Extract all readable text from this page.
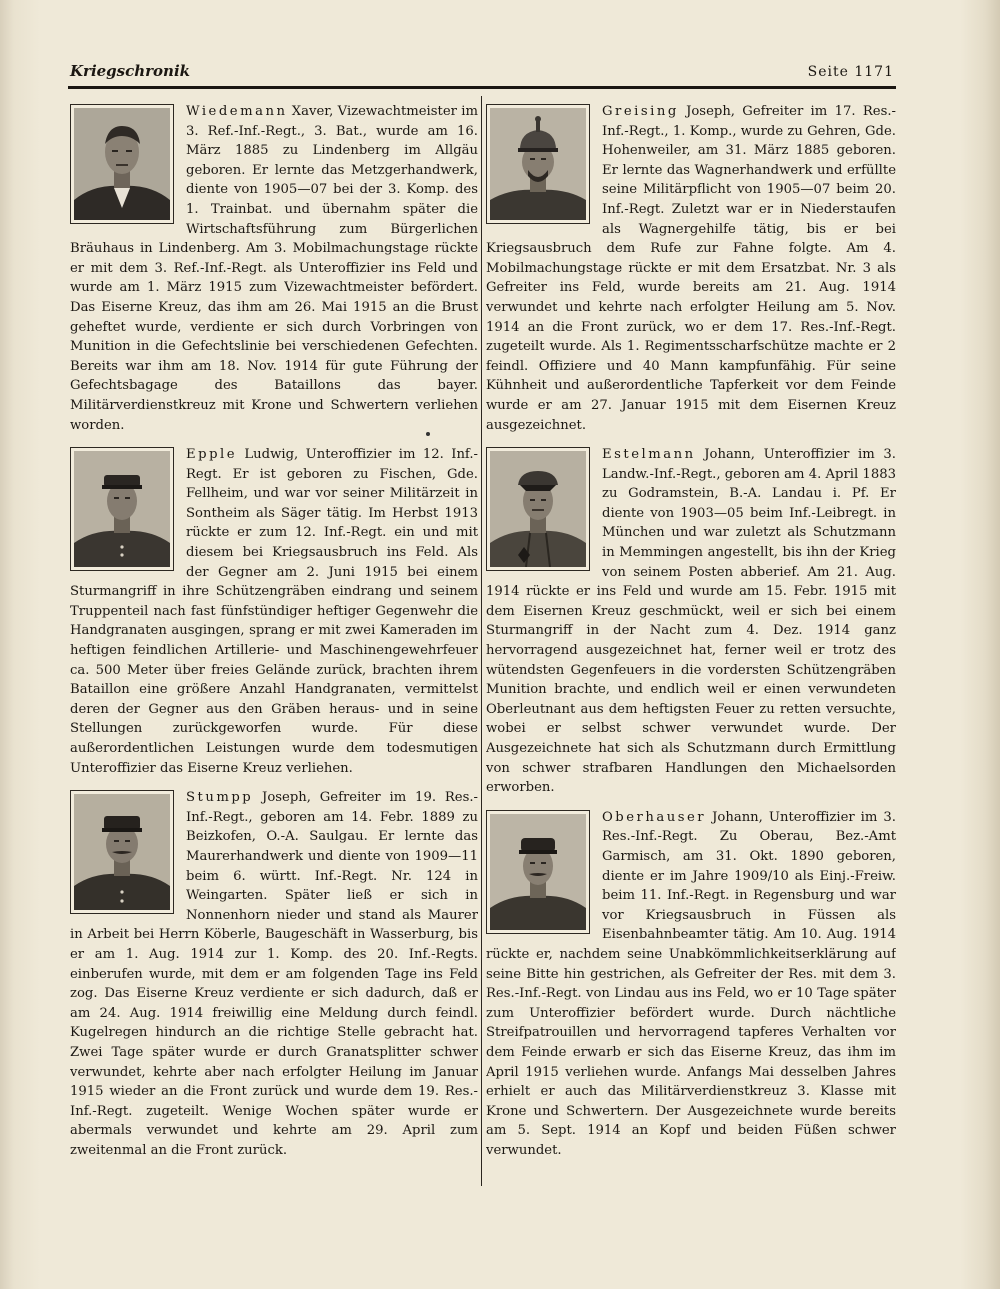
Kriegschronik	Seite 1171
Wiedemann Xaver, Vizewachtmeister im 3. Ref.-Inf.-Regt., 3. Bat., wurde am 16. März 1885 zu Lindenberg im Allgäu geboren. Er lernte das Metzgerhandwerk, diente von 1905—07 bei der 3. Komp. des 1. Trainbat. und übernahm später die Wirtschaftsführung zum Bürgerlichen Bräuhaus in Lindenberg. Am 3. Mobilmachungstage rückte er mit dem 3. Ref.-Inf.-Regt. als Unteroffizier ins Feld und wurde am 1. März 1915 zum Vizewachtmeister befördert. Das Eiserne Kreuz, das ihm am 26. Mai 1915 an die Brust geheftet wurde, verdiente er sich durch Vorbringen von Munition in die Gefechtslinie bei verschiedenen Gefechten. Bereits war ihm am 18. Nov. 1914 für gute Führung der Gefechtsbagage des Bataillons das bayer. Militärverdienstkreuz mit Krone und Schwertern verliehen worden.
Epple Ludwig, Unteroffizier im 12. Inf.-Regt. Er ist geboren zu Fischen, Gde. Fellheim, und war vor seiner Militärzeit in Sontheim als Säger tätig. Im Herbst 1913 rückte er zum 12. Inf.-Regt. ein und mit diesem bei Kriegsausbruch ins Feld. Als der Gegner am 2. Juni 1915 bei einem Sturmangriff in ihre Schützengräben eindrang und seinem Truppenteil nach fast fünfstündiger heftiger Gegenwehr die Handgranaten ausgingen, sprang er mit zwei Kameraden im heftigen feindlichen Artillerie- und Maschinengewehrfeuer ca. 500 Meter über freies Gelände zurück, brachten ihrem Bataillon eine größere Anzahl Handgranaten, vermittelst deren der Gegner aus den Gräben heraus- und in seine Stellungen zurückgeworfen wurde. Für diese außerordentlichen Leistungen wurde dem todesmutigen Unteroffizier das Eiserne Kreuz verliehen.
Stumpp Joseph, Gefreiter im 19. Res.-Inf.-Regt., geboren am 14. Febr. 1889 zu Beizkofen, O.-A. Saulgau. Er lernte das Maurerhandwerk und diente von 1909—11 beim 6. württ. Inf.-Regt. Nr. 124 in Weingarten. Später ließ er sich in Nonnenhorn nieder und stand als Maurer in Arbeit bei Herrn Köberle, Baugeschäft in Wasserburg, bis er am 1. Aug. 1914 zur 1. Komp. des 20. Inf.-Regts. einberufen wurde, mit dem er am folgenden Tage ins Feld zog. Das Eiserne Kreuz verdiente er sich dadurch, daß er am 24. Aug. 1914 freiwillig eine Meldung durch feindl. Kugelregen hindurch an die richtige Stelle gebracht hat. Zwei Tage später wurde er durch Granatsplitter schwer verwundet, kehrte aber nach erfolgter Heilung im Januar 1915 wieder an die Front zurück und wurde dem 19. Res.-Inf.-Regt. zugeteilt. Wenige Wochen später wurde er abermals verwundet und kehrte am 29. April zum zweitenmal an die Front zurück.
Greising Joseph, Gefreiter im 17. Res.-Inf.-Regt., 1. Komp., wurde zu Gehren, Gde. Hohenweiler, am 31. März 1885 geboren. Er lernte das Wagnerhandwerk und erfüllte seine Militärpflicht von 1905—07 beim 20. Inf.-Regt. Zuletzt war er in Niederstaufen als Wagnergehilfe tätig, bis er bei Kriegsausbruch dem Rufe zur Fahne folgte. Am 4. Mobilmachungstage rückte er mit dem Ersatzbat. Nr. 3 als Gefreiter ins Feld, wurde bereits am 21. Aug. 1914 verwundet und kehrte nach erfolgter Heilung am 5. Nov. 1914 an die Front zurück, wo er dem 17. Res.-Inf.-Regt. zugeteilt wurde. Als 1. Regimentsscharfschütze machte er 2 feindl. Offiziere und 40 Mann kampfunfähig. Für seine Kühnheit und außerordentliche Tapferkeit vor dem Feinde wurde er am 27. Januar 1915 mit dem Eisernen Kreuz ausgezeichnet.
Estelmann Johann, Unteroffizier im 3. Landw.-Inf.-Regt., geboren am 4. April 1883 zu Godramstein, B.-A. Landau i. Pf. Er diente von 1903—05 beim Inf.-Leibregt. in München und war zuletzt als Schutzmann in Memmingen angestellt, bis ihn der Krieg von seinem Posten abberief. Am 21. Aug. 1914 rückte er ins Feld und wurde am 15. Febr. 1915 mit dem Eisernen Kreuz geschmückt, weil er sich bei einem Sturmangriff in der Nacht zum 4. Dez. 1914 ganz hervorragend ausgezeichnet hat, ferner weil er trotz des wütendsten Gegenfeuers in die vordersten Schützengräben Munition brachte, und endlich weil er einen verwundeten Oberleutnant aus dem heftigsten Feuer zu retten versuchte, wobei er selbst schwer verwundet wurde. Der Ausgezeichnete hat sich als Schutzmann durch Ermittlung von schwer strafbaren Handlungen den Michaelsorden erworben.
Oberhauser Johann, Unteroffizier im 3. Res.-Inf.-Regt. Zu Oberau, Bez.-Amt Garmisch, am 31. Okt. 1890 geboren, diente er im Jahre 1909/10 als Einj.-Freiw. beim 11. Inf.-Regt. in Regensburg und war vor Kriegsausbruch in Füssen als Eisenbahnbeamter tätig. Am 10. Aug. 1914 rückte er, nachdem seine Unabkömmlichkeitserklärung auf seine Bitte hin gestrichen, als Gefreiter der Res. mit dem 3. Res.-Inf.-Regt. von Lindau aus ins Feld, wo er 10 Tage später zum Unteroffizier befördert wurde. Durch nächtliche Streifpatrouillen und hervorragend tapferes Verhalten vor dem Feinde erwarb er sich das Eiserne Kreuz, das ihm im April 1915 verliehen wurde. Anfangs Mai desselben Jahres erhielt er auch das Militärverdienstkreuz 3. Klasse mit Krone und Schwertern. Der Ausgezeichnete wurde bereits am 5. Sept. 1914 an Kopf und beiden Füßen schwer verwundet.
